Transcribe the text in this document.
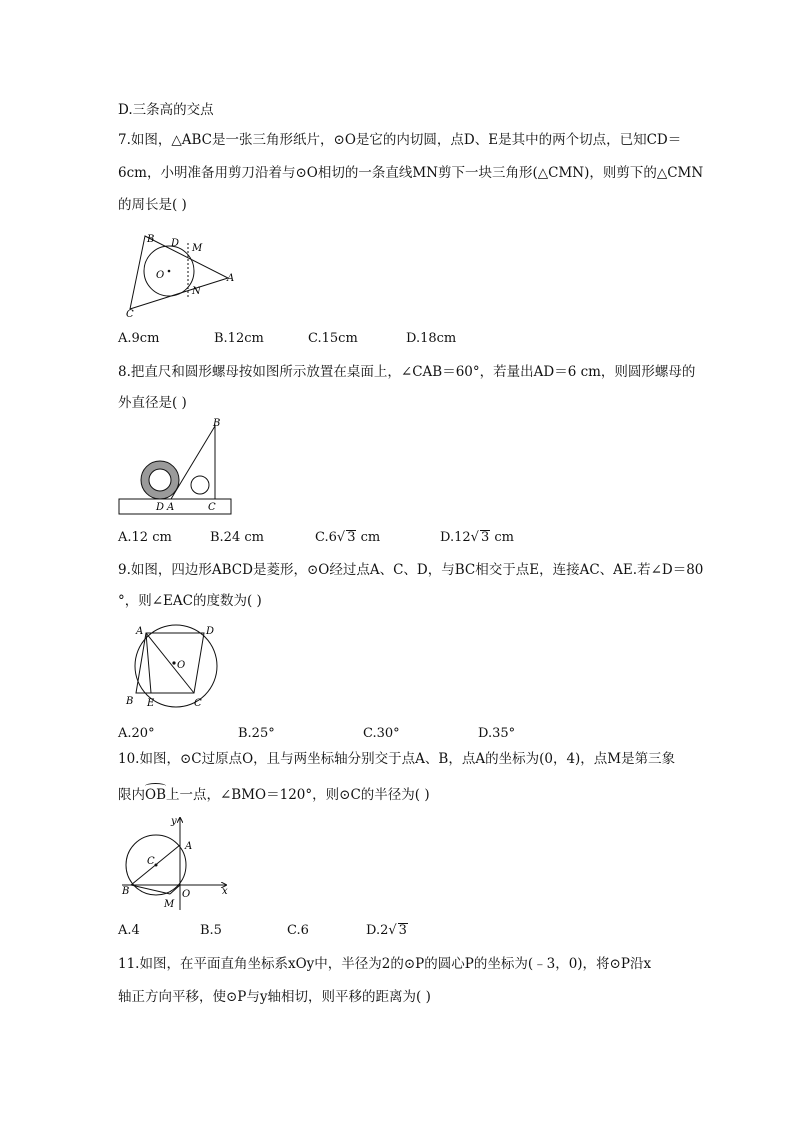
D.三条高的交点
7.如图，△ABC是一张三角形纸片，⊙O是它的内切圆，点D、E是其中的两个切点，已知CD＝
6cm，小明准备用剪刀沿着与⊙O相切的一条直线MN剪下一块三角形(△CMN)，则剪下的△CMN
的周长是( )
B D M
O	A
N
C
A.9cm	B.12cm	C.15cm	D.18cm
8.把直尺和圆形螺母按如图所示放置在桌面上，∠CAB＝60°，若量出AD＝6 cm，则圆形螺母的
外直径是( )
B
D A	C
A.12 cm	B.24 cm	C.6√ 3 cm	D.12√ 3 cm
9.如图，四边形ABCD是菱形，⊙O经过点A、C、D，与BC相交于点E，连接AC、AE.若∠D＝80
°，则∠EAC的度数为( )
A	D
O
B E	C
A.20°	B.25°	C.30°	D.35°
10.如图，⊙C过原点O，且与两坐标轴分别交于点A、B，点A的坐标为(0，4)，点M是第三象
限内OB上一点，∠BMO＝120°，则⊙C的半径为( )
y
A
C
B	O	x
M
A.4	B.5	C.6	D.2√ 3
11.如图，在平面直角坐标系xOy中，半径为2的⊙P的圆心P的坐标为(﹣3，0)，将⊙P沿x
轴正方向平移，使⊙P与y轴相切，则平移的距离为( )
